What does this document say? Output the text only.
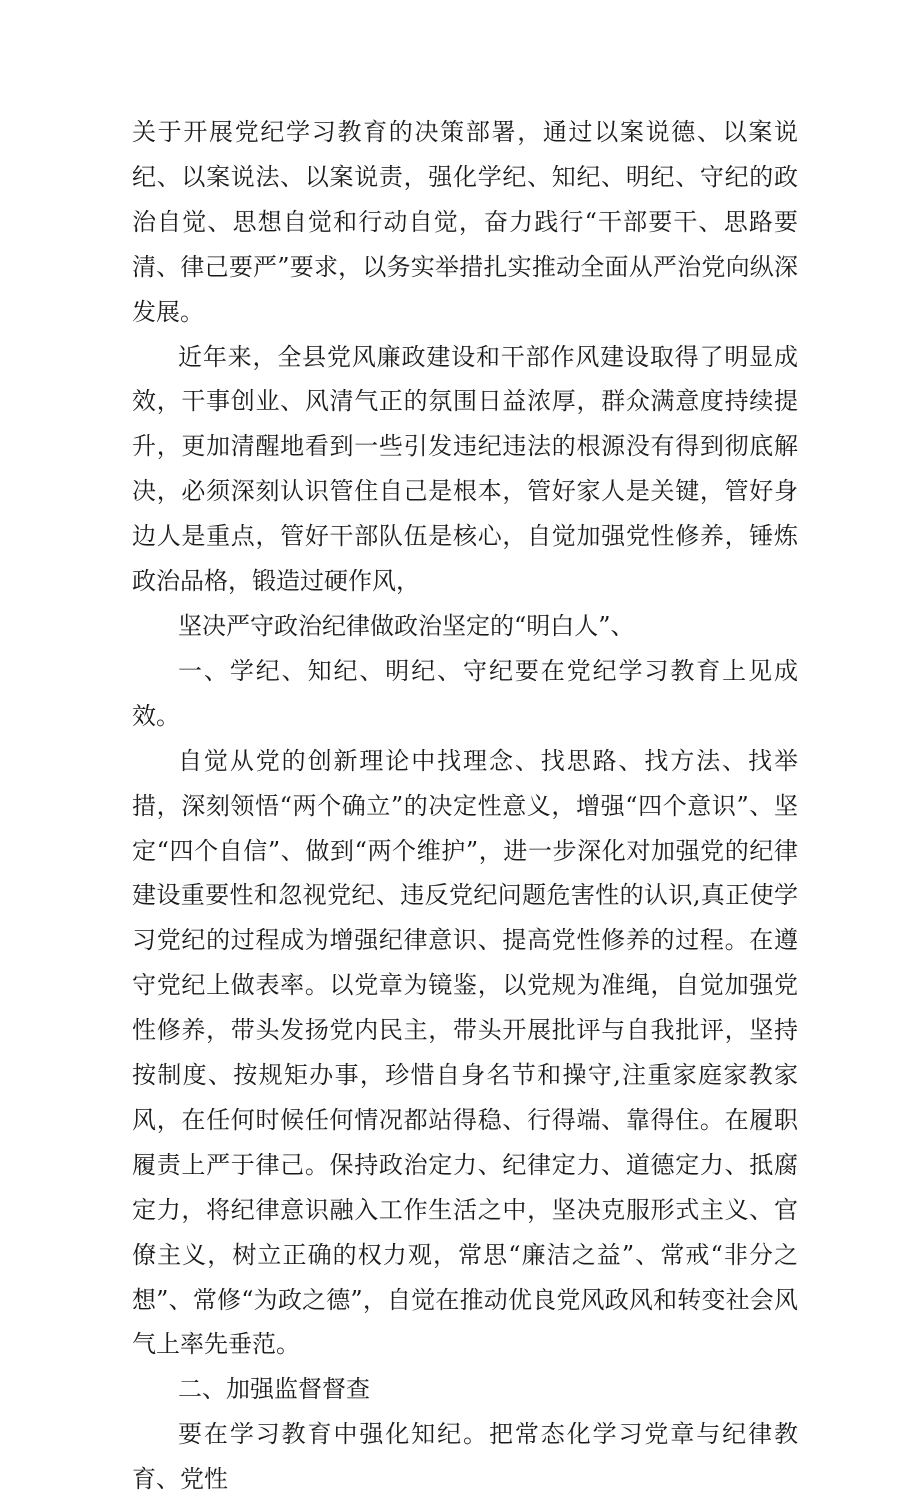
关于开展党纪学习教育的决策部署，通过以案说德、以案说纪、以案说法、以案说责，强化学纪、知纪、明纪、守纪的政治自觉、思想自觉和行动自觉，奋力践行“干部要干、思路要清、律己要严”要求，以务实举措扎实推动全面从严治党向纵深发展。

近年来，全县党风廉政建设和干部作风建设取得了明显成效，干事创业、风清气正的氛围日益浓厚，群众满意度持续提升，更加清醒地看到一些引发违纪违法的根源没有得到彻底解决，必须深刻认识管住自己是根本，管好家人是关键，管好身边人是重点，管好干部队伍是核心，自觉加强党性修养，锤炼政治品格，锻造过硬作风，

坚决严守政治纪律做政治坚定的“明白人”、

一、学纪、知纪、明纪、守纪要在党纪学习教育上见成效。

自觉从党的创新理论中找理念、找思路、找方法、找举措，深刻领悟“两个确立”的决定性意义，增强“四个意识”、坚定“四个自信”、做到“两个维护”，进一步深化对加强党的纪律建设重要性和忽视党纪、违反党纪问题危害性的认识,真正使学习党纪的过程成为增强纪律意识、提高党性修养的过程。在遵守党纪上做表率。以党章为镜鉴，以党规为准绳，自觉加强党性修养，带头发扬党内民主，带头开展批评与自我批评，坚持按制度、按规矩办事，珍惜自身名节和操守,注重家庭家教家风，在任何时候任何情况都站得稳、行得端、靠得住。在履职履责上严于律己。保持政治定力、纪律定力、道德定力、抵腐定力，将纪律意识融入工作生活之中，坚决克服形式主义、官僚主义，树立正确的权力观，常思“廉洁之益”、常戒“非分之想”、常修“为政之德”，自觉在推动优良党风政风和转变社会风气上率先垂范。

二、加强监督督查

要在学习教育中强化知纪。把常态化学习党章与纪律教育、党性
